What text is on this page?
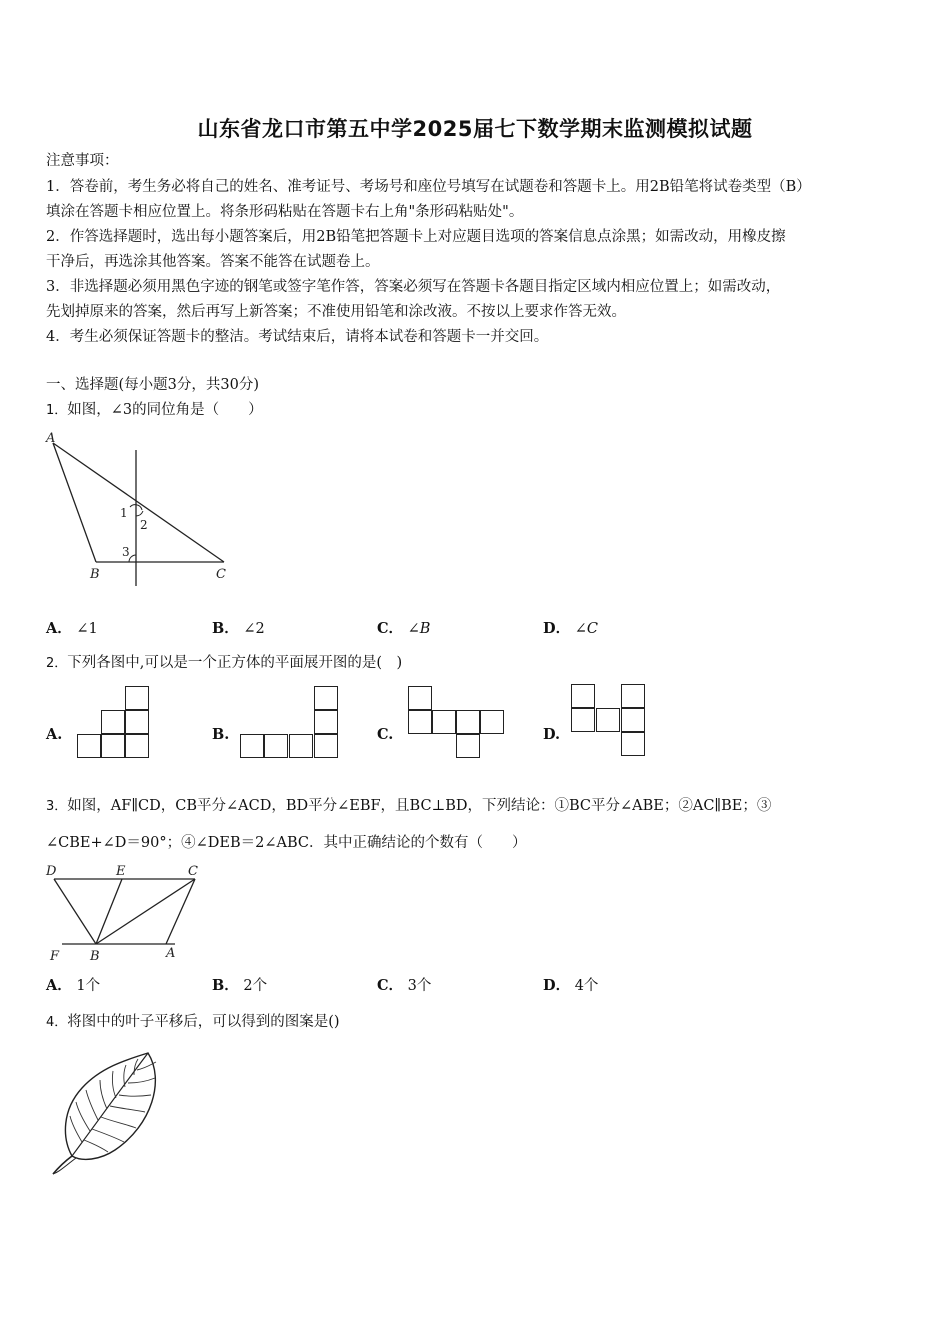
山东省龙口市第五中学2025届七下数学期末监测模拟试题
注意事项：
1．答卷前，考生务必将自己的姓名、准考证号、考场号和座位号填写在试题卷和答题卡上。用2B铅笔将试卷类型（B）
填涂在答题卡相应位置上。将条形码粘贴在答题卡右上角"条形码粘贴处"。
2．作答选择题时，选出每小题答案后，用2B铅笔把答题卡上对应题目选项的答案信息点涂黑；如需改动，用橡皮擦
干净后，再选涂其他答案。答案不能答在试题卷上。
3．非选择题必须用黑色字迹的钢笔或签字笔作答，答案必须写在答题卡各题目指定区域内相应位置上；如需改动，
先划掉原来的答案，然后再写上新答案；不准使用铅笔和涂改液。不按以上要求作答无效。
4．考生必须保证答题卡的整洁。考试结束后，请将本试卷和答题卡一并交回。
一、选择题(每小题3分，共30分)
1．如图，∠3的同位角是（　　）
A
B	C
1
2
3
A． ∠1	B． ∠2	C． ∠B	D． ∠C
2．下列各图中,可以是一个正方体的平面展开图的是(　)
A.	B.	C.	D.
3．如图，AF∥CD，CB平分∠ACD，BD平分∠EBF，且BC⊥BD，下列结论：①BC平分∠ABE；②AC∥BE；③
∠CBE+∠D＝90°；④∠DEB＝2∠ABC．其中正确结论的个数有（　　）
D	E	C
F B	A
A． 1个	B． 2个	C． 3个	D． 4个
4．将图中的叶子平移后，可以得到的图案是()
